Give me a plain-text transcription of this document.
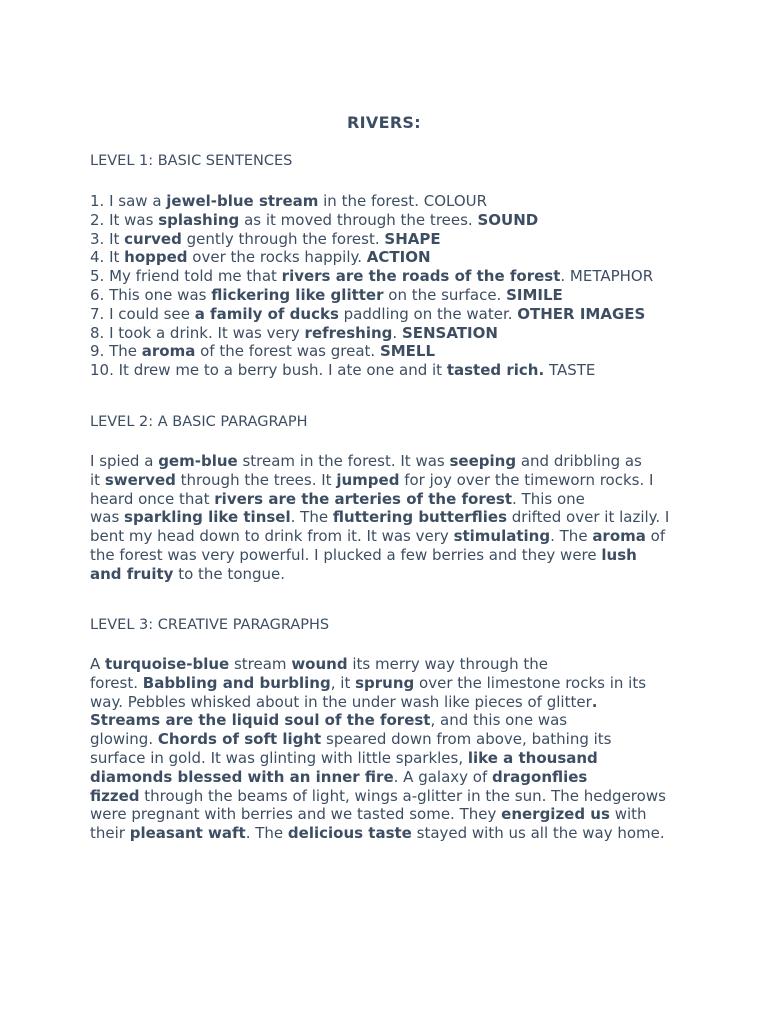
RIVERS:
LEVEL 1: BASIC SENTENCES
1. I saw a jewel-blue stream in the forest. COLOUR
2. It was splashing as it moved through the trees. SOUND
3. It curved gently through the forest. SHAPE
4. It hopped over the rocks happily. ACTION
5. My friend told me that rivers are the roads of the forest. METAPHOR
6. This one was flickering like glitter on the surface. SIMILE
7. I could see a family of ducks paddling on the water. OTHER IMAGES
8. I took a drink. It was very refreshing. SENSATION
9. The aroma of the forest was great. SMELL
10. It drew me to a berry bush. I ate one and it tasted rich. TASTE
LEVEL 2: A BASIC PARAGRAPH
I spied a gem-blue stream in the forest. It was seeping and dribbling as
it swerved through the trees. It jumped for joy over the timeworn rocks. I
heard once that rivers are the arteries of the forest. This one
was sparkling like tinsel. The fluttering butterflies drifted over it lazily. I
bent my head down to drink from it. It was very stimulating. The aroma of
the forest was very powerful. I plucked a few berries and they were lush
and fruity to the tongue.
LEVEL 3: CREATIVE PARAGRAPHS
A turquoise-blue stream wound its merry way through the
forest. Babbling and burbling, it sprung over the limestone rocks in its
way. Pebbles whisked about in the under wash like pieces of glitter.
Streams are the liquid soul of the forest, and this one was
glowing. Chords of soft light speared down from above, bathing its
surface in gold. It was glinting with little sparkles, like a thousand
diamonds blessed with an inner fire. A galaxy of dragonflies
fizzed through the beams of light, wings a-glitter in the sun. The hedgerows
were pregnant with berries and we tasted some. They energized us with
their pleasant waft. The delicious taste stayed with us all the way home.
